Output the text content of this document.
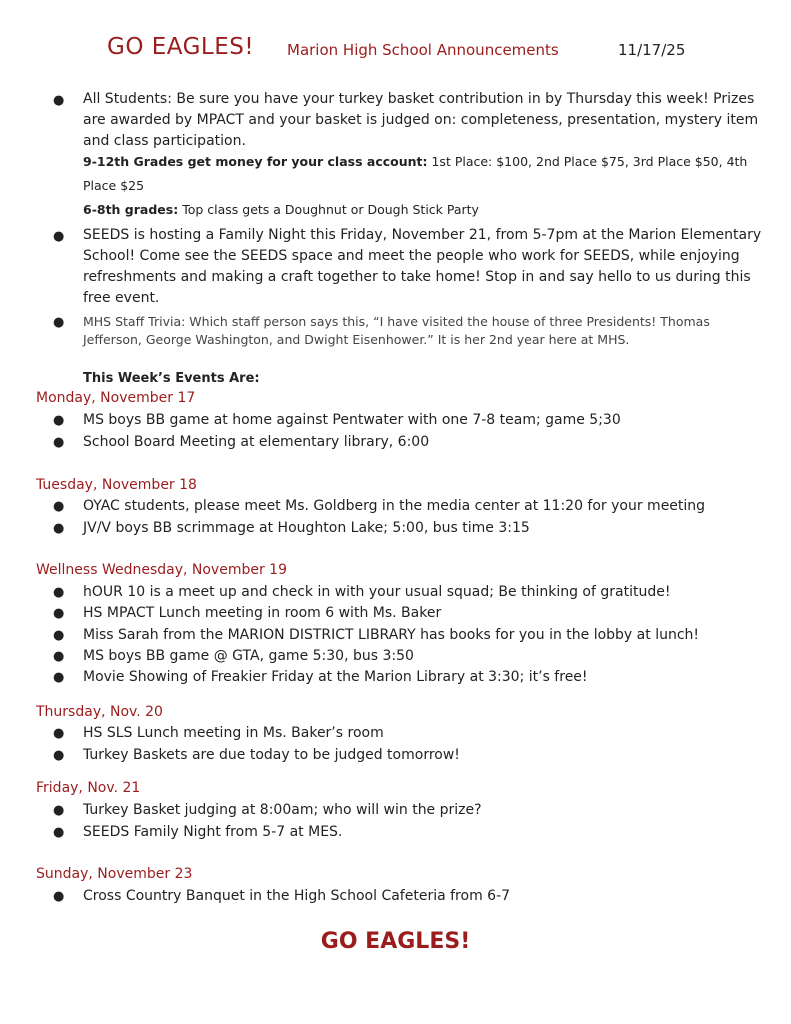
GO EAGLES! Marion High School Announcements	11/17/25
● All Students: Be sure you have your turkey basket contribution in by Thursday this week! Prizes are awarded by MPACT and your basket is judged on: completeness, presentation, mystery item and class participation.
9-12th Grades get money for your class account: 1st Place: $100, 2nd Place $75, 3rd Place $50, 4th Place $25
6-8th grades: Top class gets a Doughnut or Dough Stick Party
● SEEDS is hosting a Family Night this Friday, November 21, from 5-7pm at the Marion Elementary School! Come see the SEEDS space and meet the people who work for SEEDS, while enjoying refreshments and making a craft together to take home! Stop in and say hello to us during this free event.
● MHS Staff Trivia: Which staff person says this, “I have visited the house of three Presidents! Thomas Jefferson, George Washington, and Dwight Eisenhower.” It is her 2nd year here at MHS.
This Week’s Events Are:
Monday, November 17
● MS boys BB game at home against Pentwater with one 7-8 team; game 5;30
● School Board Meeting at elementary library, 6:00
Tuesday, November 18
● OYAC students, please meet Ms. Goldberg in the media center at 11:20 for your meeting
● JV/V boys BB scrimmage at Houghton Lake; 5:00, bus time 3:15
Wellness Wednesday, November 19
● hOUR 10 is a meet up and check in with your usual squad; Be thinking of gratitude!
● HS MPACT Lunch meeting in room 6 with Ms. Baker
● Miss Sarah from the MARION DISTRICT LIBRARY has books for you in the lobby at lunch!
● MS boys BB game @ GTA, game 5:30, bus 3:50
● Movie Showing of Freakier Friday at the Marion Library at 3:30; it’s free!
Thursday, Nov. 20
● HS SLS Lunch meeting in Ms. Baker’s room
● Turkey Baskets are due today to be judged tomorrow!
Friday, Nov. 21
● Turkey Basket judging at 8:00am; who will win the prize?
● SEEDS Family Night from 5-7 at MES.
Sunday, November 23
● Cross Country Banquet in the High School Cafeteria from 6-7
GO EAGLES!
